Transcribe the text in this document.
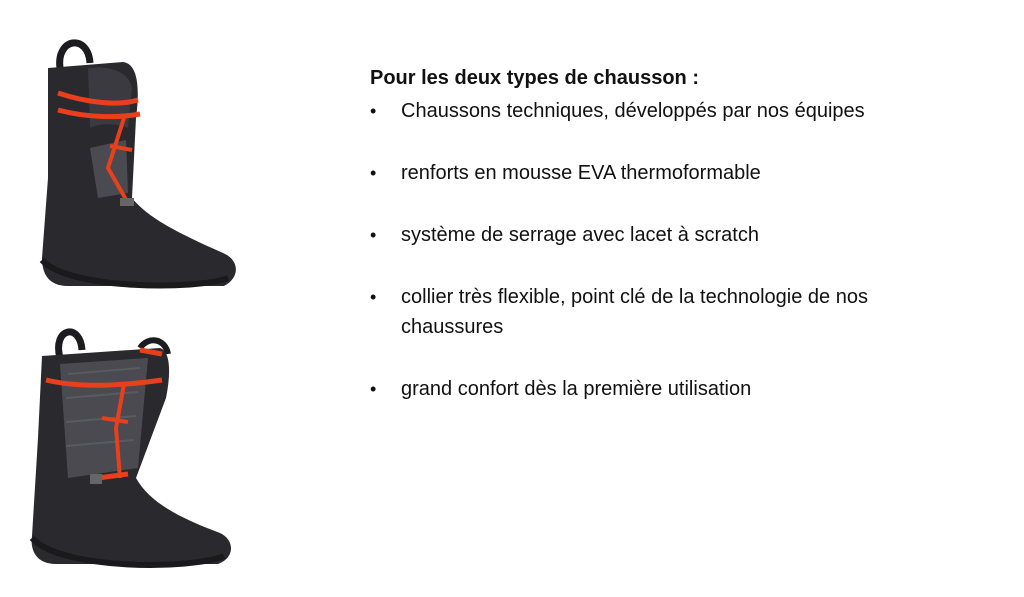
Pour les deux types de chausson :

• Chaussons techniques, développés par nos équipes
• renforts en mousse EVA thermoformable
• système de serrage avec lacet à scratch
• collier très flexible, point clé de la technologie de nos chaussures
• grand confort dès la première utilisation
